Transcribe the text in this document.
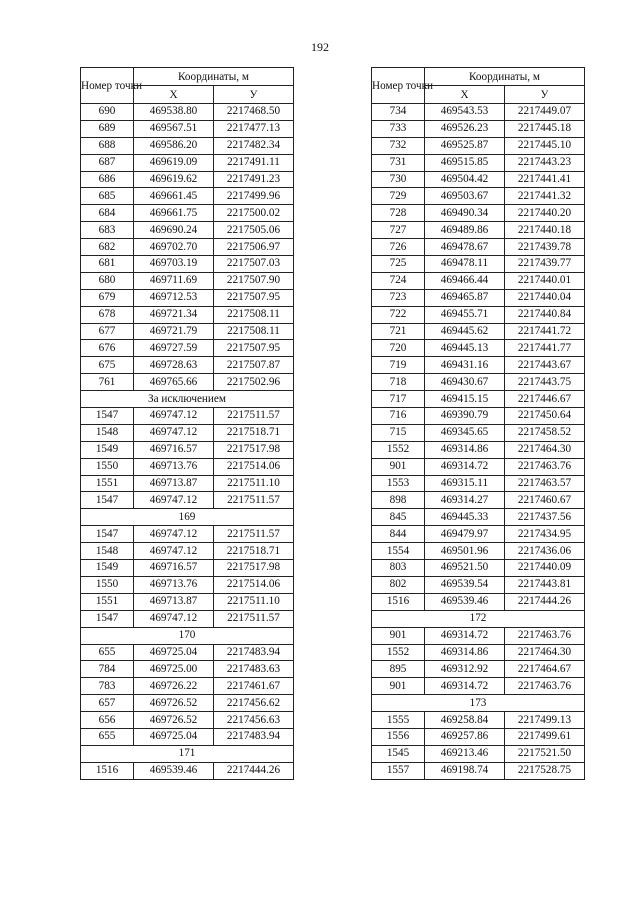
192
Номер точки	Координаты, м	
	X	У
690	469538.80	2217468.50
689	469567.51	2217477.13
688	469586.20	2217482.34
687	469619.09	2217491.11
686	469619.62	2217491.23
685	469661.45	2217499.96
684	469661.75	2217500.02
683	469690.24	2217505.06
682	469702.70	2217506.97
681	469703.19	2217507.03
680	469711.69	2217507.90
679	469712.53	2217507.95
678	469721.34	2217508.11
677	469721.79	2217508.11
676	469727.59	2217507.95
675	469728.63	2217507.87
761	469765.66	2217502.96
За исключением		
1547	469747.12	2217511.57
1548	469747.12	2217518.71
1549	469716.57	2217517.98
1550	469713.76	2217514.06
1551	469713.87	2217511.10
1547	469747.12	2217511.57
169		
1547	469747.12	2217511.57
1548	469747.12	2217518.71
1549	469716.57	2217517.98
1550	469713.76	2217514.06
1551	469713.87	2217511.10
1547	469747.12	2217511.57
170		
655	469725.04	2217483.94
784	469725.00	2217483.63
783	469726.22	2217461.67
657	469726.52	2217456.62
656	469726.52	2217456.63
655	469725.04	2217483.94
171		
1516	469539.46	2217444.26
Номер точки	Координаты, м	
	X	У
734	469543.53	2217449.07
733	469526.23	2217445.18
732	469525.87	2217445.10
731	469515.85	2217443.23
730	469504.42	2217441.41
729	469503.67	2217441.32
728	469490.34	2217440.20
727	469489.86	2217440.18
726	469478.67	2217439.78
725	469478.11	2217439.77
724	469466.44	2217440.01
723	469465.87	2217440.04
722	469455.71	2217440.84
721	469445.62	2217441.72
720	469445.13	2217441.77
719	469431.16	2217443.67
718	469430.67	2217443.75
717	469415.15	2217446.67
716	469390.79	2217450.64
715	469345.65	2217458.52
1552	469314.86	2217464.30
901	469314.72	2217463.76
1553	469315.11	2217463.57
898	469314.27	2217460.67
845	469445.33	2217437.56
844	469479.97	2217434.95
1554	469501.96	2217436.06
803	469521.50	2217440.09
802	469539.54	2217443.81
1516	469539.46	2217444.26
172		
901	469314.72	2217463.76
1552	469314.86	2217464.30
895	469312.92	2217464.67
901	469314.72	2217463.76
173		
1555	469258.84	2217499.13
1556	469257.86	2217499.61
1545	469213.46	2217521.50
1557	469198.74	2217528.75
